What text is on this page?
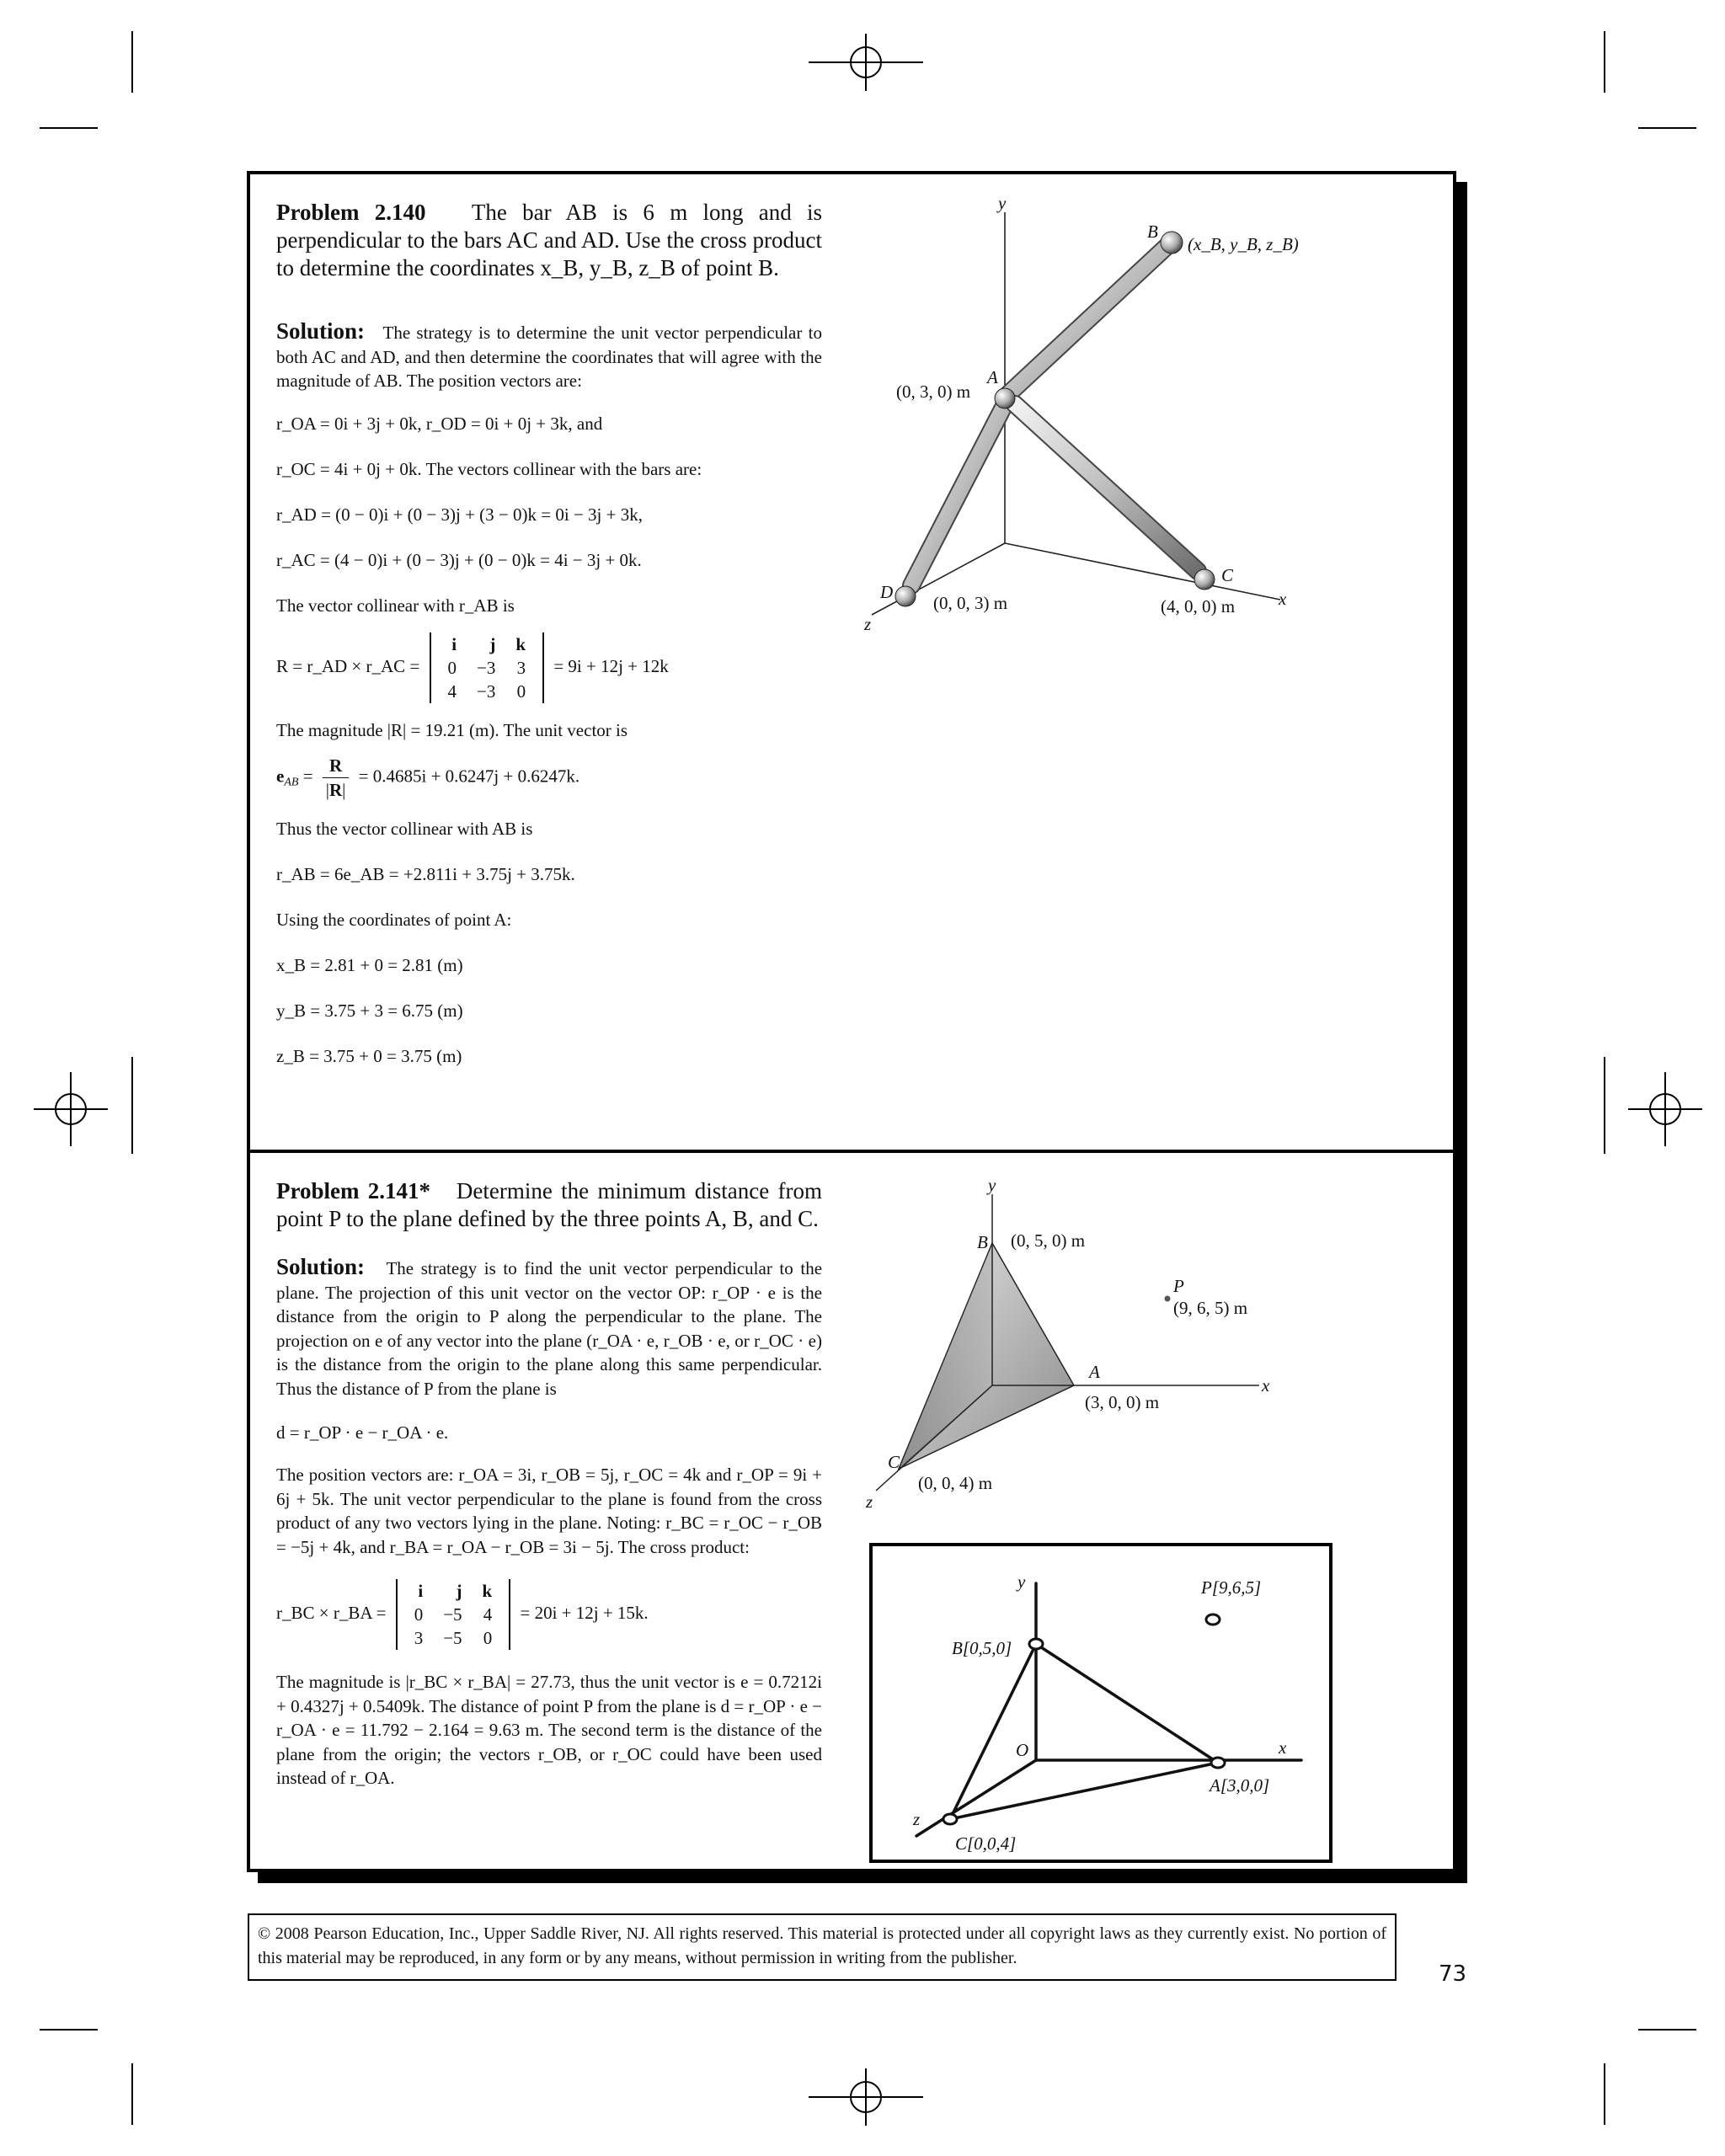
Problem 2.140 The bar AB is 6 m long and is perpendicular to the bars AC and AD. Use the cross product to determine the coordinates x_B, y_B, z_B of point B.
Solution: The strategy is to determine the unit vector perpendicular to both AC and AD, and then determine the coordinates that will agree with the magnitude of AB. The position vectors are:
r_OA = 0i + 3j + 0k, r_OD = 0i + 0j + 3k, and
r_OC = 4i + 0j + 0k. The vectors collinear with the bars are:
r_AD = (0 − 0)i + (0 − 3)j + (3 − 0)k = 0i − 3j + 3k,
r_AC = (4 − 0)i + (0 − 3)j + (0 − 0)k = 4i − 3j + 0k.
The vector collinear with r_AB is
R = r_AD × r_AC =
i	j	k
0	−3	3
4	−3	0
= 9i + 12j + 12k
The magnitude |R| = 19.21 (m). The unit vector is
$e_{AB} = \frac{R}{|R|} = 0.4685i + 0.6247j + 0.6247k$.
Thus the vector collinear with AB is
r_AB = 6e_AB = +2.811i + 3.75j + 3.75k.
Using the coordinates of point A:
x_B = 2.81 + 0 = 2.81 (m)
y_B = 3.75 + 3 = 6.75 (m)
z_B = 3.75 + 0 = 3.75 (m)
y
x
z
B
A
C
D
(x_B, y_B, z_B)
(0, 3, 0) m
(4, 0, 0) m
(0, 0, 3) m
Problem 2.141* Determine the minimum distance from point P to the plane defined by the three points A, B, and C.
Solution: The strategy is to find the unit vector perpendicular to the plane. The projection of this unit vector on the vector OP: r_OP · e is the distance from the origin to P along the perpendicular to the plane. The projection on e of any vector into the plane (r_OA · e, r_OB · e, or r_OC · e) is the distance from the origin to the plane along this same perpendicular. Thus the distance of P from the plane is
d = r_OP · e − r_OA · e.
The position vectors are: r_OA = 3i, r_OB = 5j, r_OC = 4k and r_OP = 9i + 6j + 5k. The unit vector perpendicular to the plane is found from the cross product of any two vectors lying in the plane. Noting: r_BC = r_OC − r_OB = −5j + 4k, and r_BA = r_OA − r_OB = 3i − 5j. The cross product:
r_BC × r_BA =
i	j	k
0	−5	4
3	−5	0
= 20i + 12j + 15k.
The magnitude is |r_BC × r_BA| = 27.73, thus the unit vector is e = 0.7212i + 0.4327j + 0.5409k. The distance of point P from the plane is d = r_OP · e − r_OA · e = 11.792 − 2.164 = 9.63 m. The second term is the distance of the plane from the origin; the vectors r_OB, or r_OC could have been used instead of r_OA.
y
x
z
B (0, 5, 0) m
P
(9, 6, 5) m
A
(3, 0, 0) m
C
(0, 0, 4) m
y
x
z
O
P[9,6,5]
B[0,5,0]
A[3,0,0]
C[0,0,4]
© 2008 Pearson Education, Inc., Upper Saddle River, NJ. All rights reserved. This material is protected under all copyright laws as they currently exist. No portion of this material may be reproduced, in any form or by any means, without permission in writing from the publisher.
73
